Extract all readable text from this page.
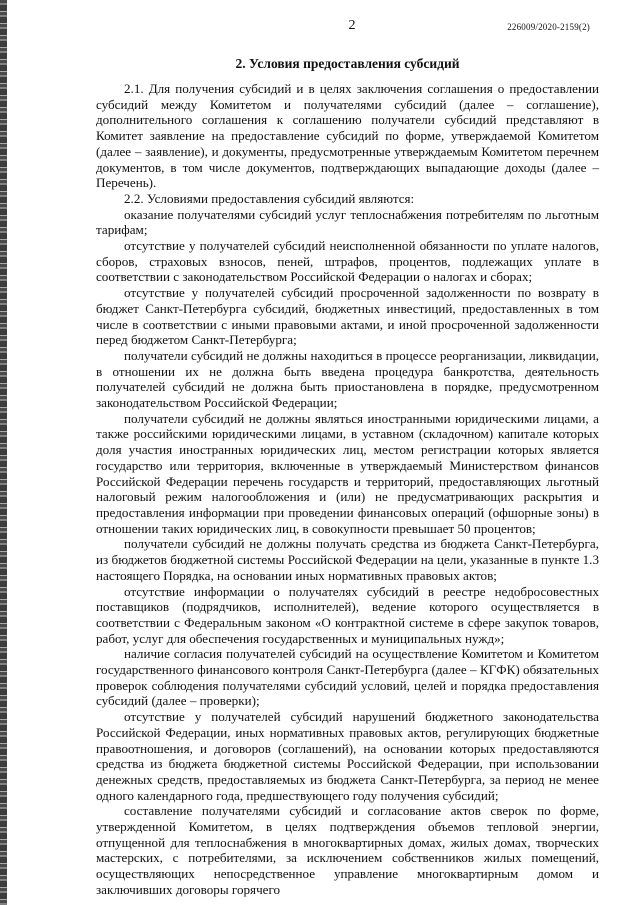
2	226009/2020-2159(2)
2. Условия предоставления субсидий

2.1. Для получения субсидий и в целях заключения соглашения о предоставлении субсидий между Комитетом и получателями субсидий (далее – соглашение), дополнительного соглашения к соглашению получатели субсидий представляют в Комитет заявление на предоставление субсидий по форме, утверждаемой Комитетом (далее – заявление), и документы, предусмотренные утверждаемым Комитетом перечнем документов, в том числе документов, подтверждающих выпадающие доходы (далее – Перечень).

2.2. Условиями предоставления субсидий являются:

оказание получателями субсидий услуг теплоснабжения потребителям по льготным тарифам;

отсутствие у получателей субсидий неисполненной обязанности по уплате налогов, сборов, страховых взносов, пеней, штрафов, процентов, подлежащих уплате в соответствии с законодательством Российской Федерации о налогах и сборах;

отсутствие у получателей субсидий просроченной задолженности по возврату в бюджет Санкт-Петербурга субсидий, бюджетных инвестиций, предоставленных в том числе в соответствии с иными правовыми актами, и иной просроченной задолженности перед бюджетом Санкт-Петербурга;

получатели субсидий не должны находиться в процессе реорганизации, ликвидации, в отношении их не должна быть введена процедура банкротства, деятельность получателей субсидий не должна быть приостановлена в порядке, предусмотренном законодательством Российской Федерации;

получатели субсидий не должны являться иностранными юридическими лицами, а также российскими юридическими лицами, в уставном (складочном) капитале которых доля участия иностранных юридических лиц, местом регистрации которых является государство или территория, включенные в утверждаемый Министерством финансов Российской Федерации перечень государств и территорий, предоставляющих льготный налоговый режим налогообложения и (или) не предусматривающих раскрытия и предоставления информации при проведении финансовых операций (офшорные зоны) в отношении таких юридических лиц, в совокупности превышает 50 процентов;

получатели субсидий не должны получать средства из бюджета Санкт-Петербурга, из бюджетов бюджетной системы Российской Федерации на цели, указанные в пункте 1.3 настоящего Порядка, на основании иных нормативных правовых актов;

отсутствие информации о получателях субсидий в реестре недобросовестных поставщиков (подрядчиков, исполнителей), ведение которого осуществляется в соответствии с Федеральным законом «О контрактной системе в сфере закупок товаров, работ, услуг для обеспечения государственных и муниципальных нужд»;

наличие согласия получателей субсидий на осуществление Комитетом и Комитетом государственного финансового контроля Санкт-Петербурга (далее – КГФК) обязательных проверок соблюдения получателями субсидий условий, целей и порядка предоставления субсидий (далее – проверки);

отсутствие у получателей субсидий нарушений бюджетного законодательства Российской Федерации, иных нормативных правовых актов, регулирующих бюджетные правоотношения, и договоров (соглашений), на основании которых предоставляются средства из бюджета бюджетной системы Российской Федерации, при использовании денежных средств, предоставляемых из бюджета Санкт-Петербурга, за период не менее одного календарного года, предшествующего году получения субсидий;

составление получателями субсидий и согласование актов сверок по форме, утвержденной Комитетом, в целях подтверждения объемов тепловой энергии, отпущенной для теплоснабжения в многоквартирных домах, жилых домах, творческих мастерских, с потребителями, за исключением собственников жилых помещений, осуществляющих непосредственное управление многоквартирным домом и заключивших договоры горячего
